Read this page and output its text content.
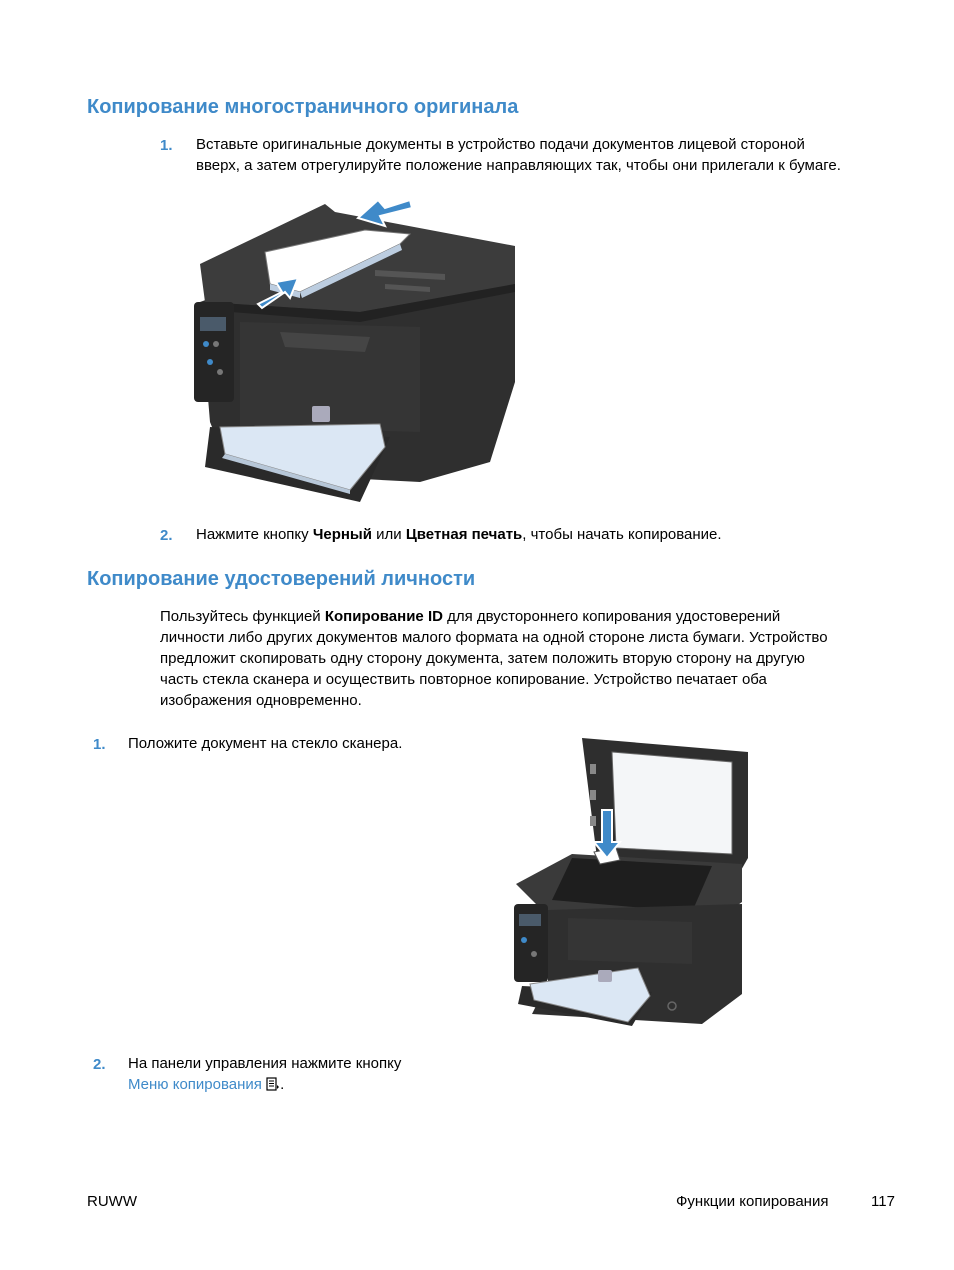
Копирование многостраничного оригинала
1. Вставьте оригинальные документы в устройство подачи документов лицевой стороной
вверх, а затем отрегулируйте положение направляющих так, чтобы они прилегали к бумаге.
2. Нажмите кнопку Черный или Цветная печать, чтобы начать копирование.
Копирование удостоверений личности
Пользуйтесь функцией Копирование ID для двустороннего копирования удостоверений
личности либо других документов малого формата на одной стороне листа бумаги. Устройство
предложит скопировать одну сторону документа, затем положить вторую сторону на другую
часть стекла сканера и осуществить повторное копирование. Устройство печатает оба
изображения одновременно.
1. Положите документ на стекло сканера.
2. На панели управления нажмите кнопку
Меню копирования .
RUWW	Функции копирования	117
